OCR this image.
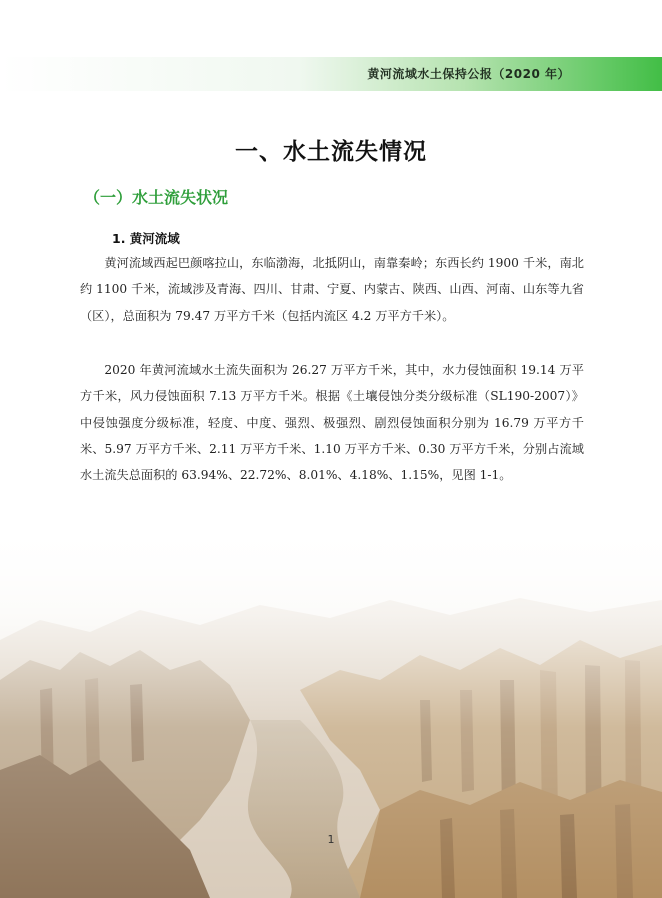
黄河流域水土保持公报（2020 年）
一、水土流失情况
（一）水土流失状况
1. 黄河流域

黄河流域西起巴颜喀拉山，东临渤海，北抵阴山，南靠秦岭；东西长约 1900 千米，南北约 1100 千米，流域涉及青海、四川、甘肃、宁夏、内蒙古、陕西、山西、河南、山东等九省（区），总面积为 79.47 万平方千米（包括内流区 4.2 万平方千米）。

2020 年黄河流域水土流失面积为 26.27 万平方千米，其中，水力侵蚀面积 19.14 万平方千米，风力侵蚀面积 7.13 万平方千米。根据《土壤侵蚀分类分级标准（SL190-2007）》中侵蚀强度分级标准，轻度、中度、强烈、极强烈、剧烈侵蚀面积分别为 16.79 万平方千米、5.97 万平方千米、2.11 万平方千米、1.10 万平方千米、0.30 万平方千米，分别占流域水土流失总面积的 63.94%、22.72%、8.01%、4.18%、1.15%，见图 1-1。

1
